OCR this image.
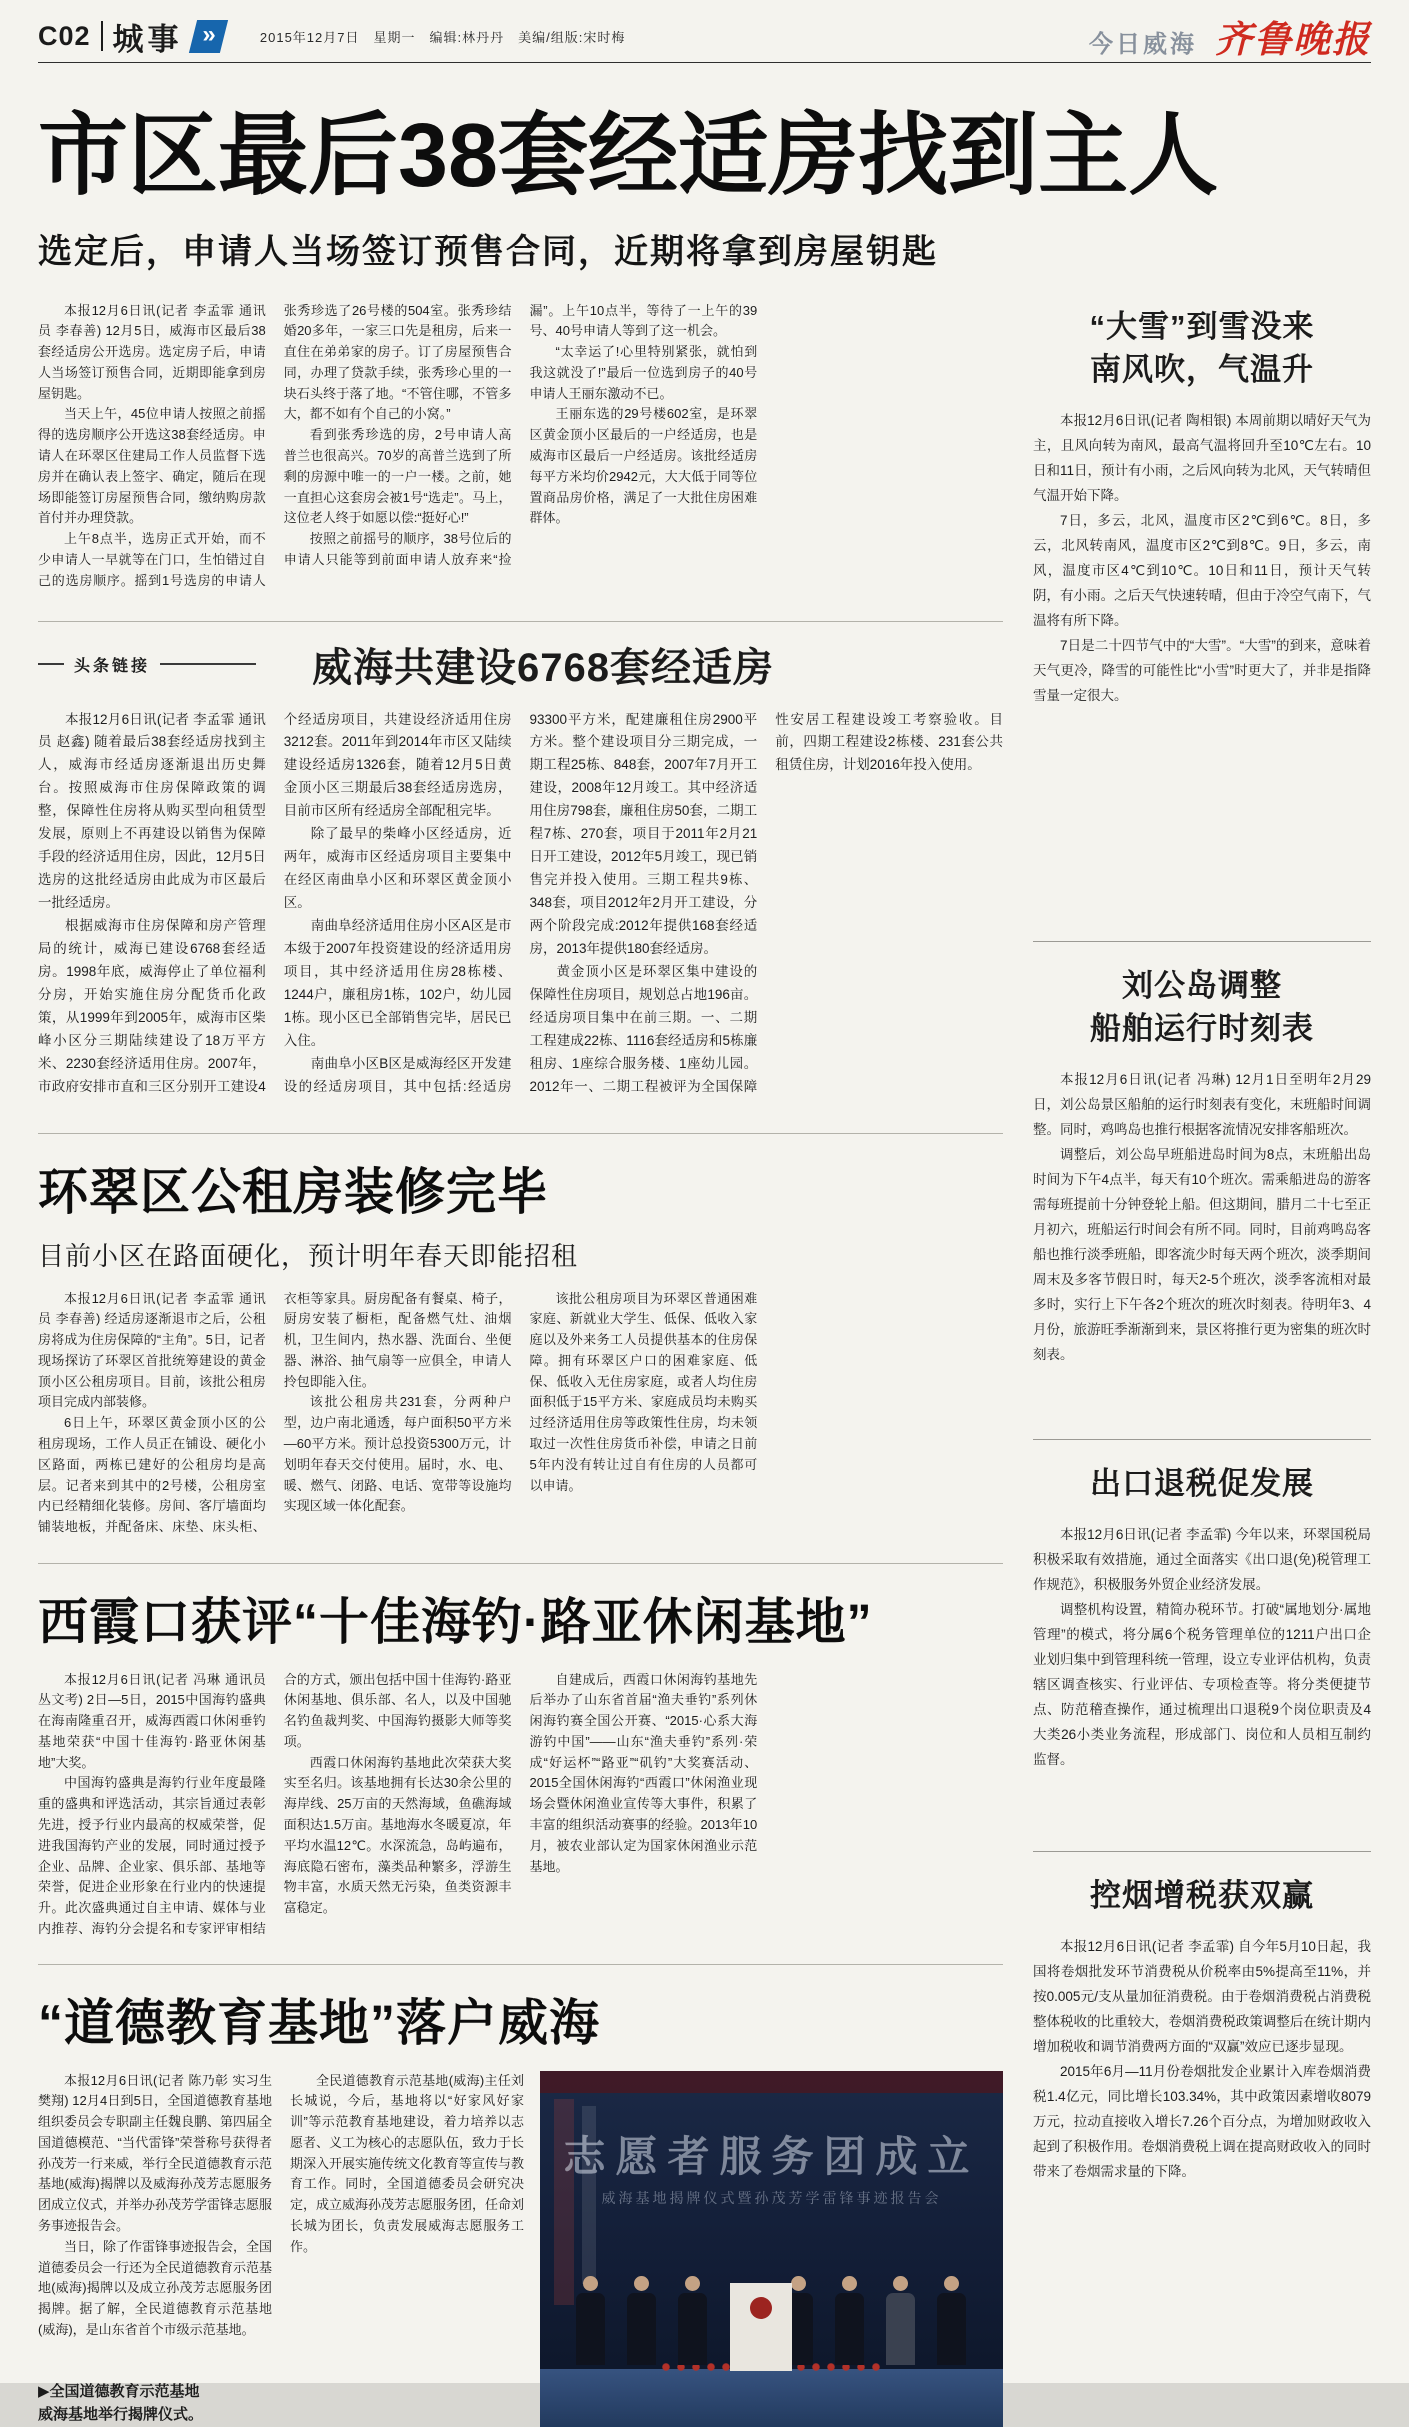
C02 城事 »	2015年12月7日　星期一　编辑:林丹丹　美编/组版:宋时梅	今日威海 齐鲁晚报
市区最后38套经适房找到主人
选定后，申请人当场签订预售合同，近期将拿到房屋钥匙

本报12月6日讯(记者 李孟霏 通讯员 李春善) 12月5日，威海市区最后38套经适房公开选房。选定房子后，申请人当场签订预售合同，近期即能拿到房屋钥匙。

当天上午，45位申请人按照之前摇得的选房顺序公开选这38套经适房。申请人在环翠区住建局工作人员监督下选房并在确认表上签字、确定，随后在现场即能签订房屋预售合同，缴纳购房款首付并办理贷款。

上午8点半，选房正式开始，而不少申请人一早就等在门口，生怕错过自己的选房顺序。摇到1号选房的申请人张秀珍选了26号楼的504室。张秀珍结婚20多年，一家三口先是租房，后来一直住在弟弟家的房子。订了房屋预售合同，办理了贷款手续，张秀珍心里的一块石头终于落了地。“不管住哪，不管多大，都不如有个自己的小窝。”

看到张秀珍选的房，2号申请人高普兰也很高兴。70岁的高普兰选到了所剩的房源中唯一的一户一楼。之前，她一直担心这套房会被1号“选走”。马上，这位老人终于如愿以偿:“挺好心!”

按照之前摇号的顺序，38号位后的申请人只能等到前面申请人放弃来“捡漏”。上午10点半，等待了一上午的39号、40号申请人等到了这一机会。

“太幸运了!心里特别紧张，就怕到我这就没了!”最后一位选到房子的40号申请人王丽东激动不已。

王丽东选的29号楼602室，是环翠区黄金顶小区最后的一户经适房，也是威海市区最后一户经适房。该批经适房每平方米均价2942元，大大低于同等位置商品房价格，满足了一大批住房困难群体。

头条链接	威海共建设6768套经适房

本报12月6日讯(记者 李孟霏 通讯员 赵鑫) 随着最后38套经适房找到主人，威海市经适房逐渐退出历史舞台。按照威海市住房保障政策的调整，保障性住房将从购买型向租赁型发展，原则上不再建设以销售为保障手段的经济适用住房，因此，12月5日选房的这批经适房由此成为市区最后一批经适房。

根据威海市住房保障和房产管理局的统计，威海已建设6768套经适房。1998年底，威海停止了单位福利分房，开始实施住房分配货币化政策，从1999年到2005年，威海市区柴峰小区分三期陆续建设了18万平方米、2230套经济适用住房。2007年，市政府安排市直和三区分别开工建设4个经适房项目，共建设经济适用住房3212套。2011年到2014年市区又陆续建设经适房1326套，随着12月5日黄金顶小区三期最后38套经适房选房，目前市区所有经适房全部配租完毕。

除了最早的柴峰小区经适房，近两年，威海市区经适房项目主要集中在经区南曲阜小区和环翠区黄金顶小区。

南曲阜经济适用住房小区A区是市本级于2007年投资建设的经济适用房项目，其中经济适用住房28栋楼、1244户，廉租房1栋，102户，幼儿园1栋。现小区已全部销售完毕，居民已入住。

南曲阜小区B区是威海经区开发建设的经适房项目，其中包括:经适房93300平方米，配建廉租住房2900平方米。整个建设项目分三期完成，一期工程25栋、848套，2007年7月开工建设，2008年12月竣工。其中经济适用住房798套，廉租住房50套，二期工程7栋、270套，项目于2011年2月21日开工建设，2012年5月竣工，现已销售完并投入使用。三期工程共9栋、348套，项目2012年2月开工建设，分两个阶段完成:2012年提供168套经适房，2013年提供180套经适房。

黄金顶小区是环翠区集中建设的保障性住房项目，规划总占地196亩。经适房项目集中在前三期。一、二期工程建成22栋、1116套经适房和5栋廉租房、1座综合服务楼、1座幼儿园。2012年一、二期工程被评为全国保障性安居工程建设竣工考察验收。目前，四期工程建设2栋楼、231套公共租赁住房，计划2016年投入使用。

环翠区公租房装修完毕

目前小区在路面硬化，预计明年春天即能招租

本报12月6日讯(记者 李孟霏 通讯员 李春善) 经适房逐渐退市之后，公租房将成为住房保障的“主角”。5日，记者现场探访了环翠区首批统筹建设的黄金顶小区公租房项目。目前，该批公租房项目完成内部装修。

6日上午，环翠区黄金顶小区的公租房现场，工作人员正在铺设、硬化小区路面，两栋已建好的公租房均是高层。记者来到其中的2号楼，公租房室内已经精细化装修。房间、客厅墙面均铺装地板，并配备床、床垫、床头柜、衣柜等家具。厨房配备有餐桌、椅子，厨房安装了橱柜，配备燃气灶、油烟机，卫生间内，热水器、洗面台、坐便器、淋浴、抽气扇等一应俱全，申请人拎包即能入住。

该批公租房共231套，分两种户型，边户南北通透，每户面积50平方米—60平方米。预计总投资5300万元，计划明年春天交付使用。届时，水、电、暖、燃气、闭路、电话、宽带等设施均实现区域一体化配套。

该批公租房项目为环翠区普通困难家庭、新就业大学生、低保、低收入家庭以及外来务工人员提供基本的住房保障。拥有环翠区户口的困难家庭、低保、低收入无住房家庭，或者人均住房面积低于15平方米、家庭成员均未购买过经济适用住房等政策性住房，均未领取过一次性住房货币补偿，申请之日前5年内没有转让过自有住房的人员都可以申请。

西霞口获评“十佳海钓·路亚休闲基地”

本报12月6日讯(记者 冯琳 通讯员 丛文考) 2日—5日，2015中国海钓盛典在海南隆重召开，威海西霞口休闲垂钓基地荣获“中国十佳海钓·路亚休闲基地”大奖。

中国海钓盛典是海钓行业年度最隆重的盛典和评选活动，其宗旨通过表彰先进，授予行业内最高的权威荣誉，促进我国海钓产业的发展，同时通过授予企业、品牌、企业家、俱乐部、基地等荣誉，促进企业形象在行业内的快速提升。此次盛典通过自主申请、媒体与业内推荐、海钓分会提名和专家评审相结合的方式，颁出包括中国十佳海钓·路亚休闲基地、俱乐部、名人，以及中国驰名钓鱼裁判奖、中国海钓摄影大师等奖项。

西霞口休闲海钓基地此次荣获大奖实至名归。该基地拥有长达30余公里的海岸线、25万亩的天然海域，鱼礁海域面积达1.5万亩。基地海水冬暖夏凉，年平均水温12℃。水深流急，岛屿遍布，海底隐石密布，藻类品种繁多，浮游生物丰富，水质天然无污染，鱼类资源丰富稳定。

自建成后，西霞口休闲海钓基地先后举办了山东省首届“渔夫垂钓”系列休闲海钓赛全国公开赛、“2015·心系大海 游钓中国”——山东“渔夫垂钓”系列·荣成“好运杯”“路亚”“矶钓”大奖赛活动、2015全国休闲海钓“西霞口”休闲渔业现场会暨休闲渔业宣传等大事件，积累了丰富的组织活动赛事的经验。2013年10月，被农业部认定为国家休闲渔业示范基地。

“道德教育基地”落户威海

本报12月6日讯(记者 陈乃彰 实习生 樊翔) 12月4日到5日，全国道德教育基地组织委员会专职副主任魏良鹏、第四届全国道德模范、“当代雷锋”荣誉称号获得者孙茂芳一行来威，举行全民道德教育示范基地(威海)揭牌以及威海孙茂芳志愿服务团成立仪式，并举办孙茂芳学雷锋志愿服务事迹报告会。

当日，除了作雷锋事迹报告会，全国道德委员会一行还为全民道德教育示范基地(威海)揭牌以及成立孙茂芳志愿服务团揭牌。据了解，全民道德教育示范基地(威海)，是山东省首个市级示范基地。

全民道德教育示范基地(威海)主任刘长城说，今后，基地将以“好家风好家训”等示范教育基地建设，着力培养以志愿者、义工为核心的志愿队伍，致力于长期深入开展实施传统文化教育等宣传与教育工作。同时，全国道德委员会研究决定，成立威海孙茂芳志愿服务团，任命刘长城为团长，负责发展威海志愿服务工作。

▶全国道德教育示范基地
威海基地举行揭牌仪式。

志愿者服务团成立
威海基地揭牌仪式暨孙茂芳学雷锋事迹报告会
“大雪”到雪没来
南风吹，气温升

本报12月6日讯(记者 陶相银) 本周前期以晴好天气为主，且风向转为南风，最高气温将回升至10℃左右。10日和11日，预计有小雨，之后风向转为北风，天气转晴但气温开始下降。

7日，多云，北风，温度市区2℃到6℃。8日，多云，北风转南风，温度市区2℃到8℃。9日，多云，南风，温度市区4℃到10℃。10日和11日，预计天气转阴，有小雨。之后天气快速转晴，但由于冷空气南下，气温将有所下降。

7日是二十四节气中的“大雪”。“大雪”的到来，意味着天气更冷，降雪的可能性比“小雪”时更大了，并非是指降雪量一定很大。

刘公岛调整
船舶运行时刻表

本报12月6日讯(记者 冯琳) 12月1日至明年2月29日，刘公岛景区船舶的运行时刻表有变化，末班船时间调整。同时，鸡鸣岛也推行根据客流情况安排客船班次。

调整后，刘公岛早班船进岛时间为8点，末班船出岛时间为下午4点半，每天有10个班次。需乘船进岛的游客需每班提前十分钟登轮上船。但这期间，腊月二十七至正月初六，班船运行时间会有所不同。同时，目前鸡鸣岛客船也推行淡季班船，即客流少时每天两个班次，淡季期间周末及多客节假日时，每天2-5个班次，淡季客流相对最多时，实行上下午各2个班次的班次时刻表。待明年3、4月份，旅游旺季渐渐到来，景区将推行更为密集的班次时刻表。

出口退税促发展

本报12月6日讯(记者 李孟霏) 今年以来，环翠国税局积极采取有效措施，通过全面落实《出口退(免)税管理工作规范》，积极服务外贸企业经济发展。

调整机构设置，精简办税环节。打破“属地划分·属地管理”的模式，将分属6个税务管理单位的1211户出口企业划归集中到管理科统一管理，设立专业评估机构，负责辖区调查核实、行业评估、专项检查等。将分类便捷节点、防范稽查操作，通过梳理出口退税9个岗位职责及4大类26小类业务流程，形成部门、岗位和人员相互制约监督。

控烟增税获双赢

本报12月6日讯(记者 李孟霏) 自今年5月10日起，我国将卷烟批发环节消费税从价税率由5%提高至11%，并按0.005元/支从量加征消费税。由于卷烟消费税占消费税整体税收的比重较大，卷烟消费税政策调整后在统计期内增加税收和调节消费两方面的“双赢”效应已逐步显现。

2015年6月—11月份卷烟批发企业累计入库卷烟消费税1.4亿元，同比增长103.34%，其中政策因素增收8079万元，拉动直接收入增长7.26个百分点，为增加财政收入起到了积极作用。卷烟消费税上调在提高财政收入的同时带来了卷烟需求量的下降。
